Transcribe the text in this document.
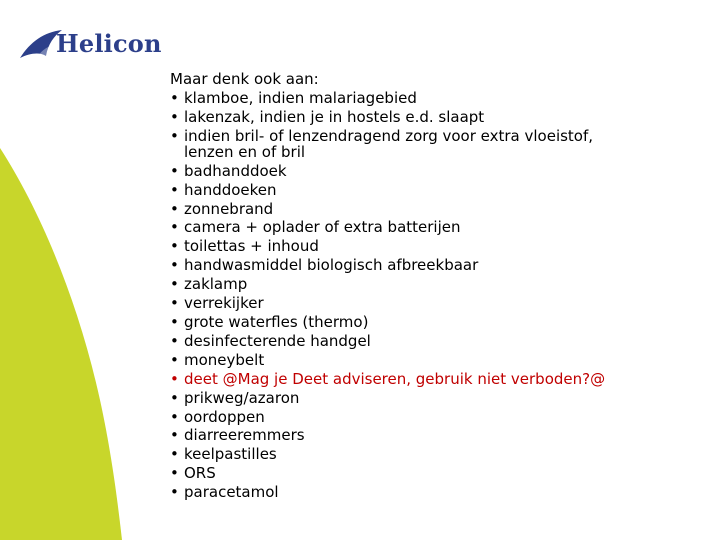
Helicon

Maar denk ook aan:

• klamboe, indien malariagebied
• lakenzak, indien je in hostels e.d. slaapt
• indien bril- of lenzendragend zorg voor extra vloeistof,
lenzen en of bril
• badhanddoek
• handdoeken
• zonnebrand
• camera + oplader of extra batterijen
• toilettas + inhoud
• handwasmiddel biologisch afbreekbaar
• zaklamp
• verrekijker
• grote waterfles (thermo)
• desinfecterende handgel
• moneybelt
• deet @Mag je Deet adviseren, gebruik niet verboden?@
• prikweg/azaron
• oordoppen
• diarreeremmers
• keelpastilles
• ORS
• paracetamol
